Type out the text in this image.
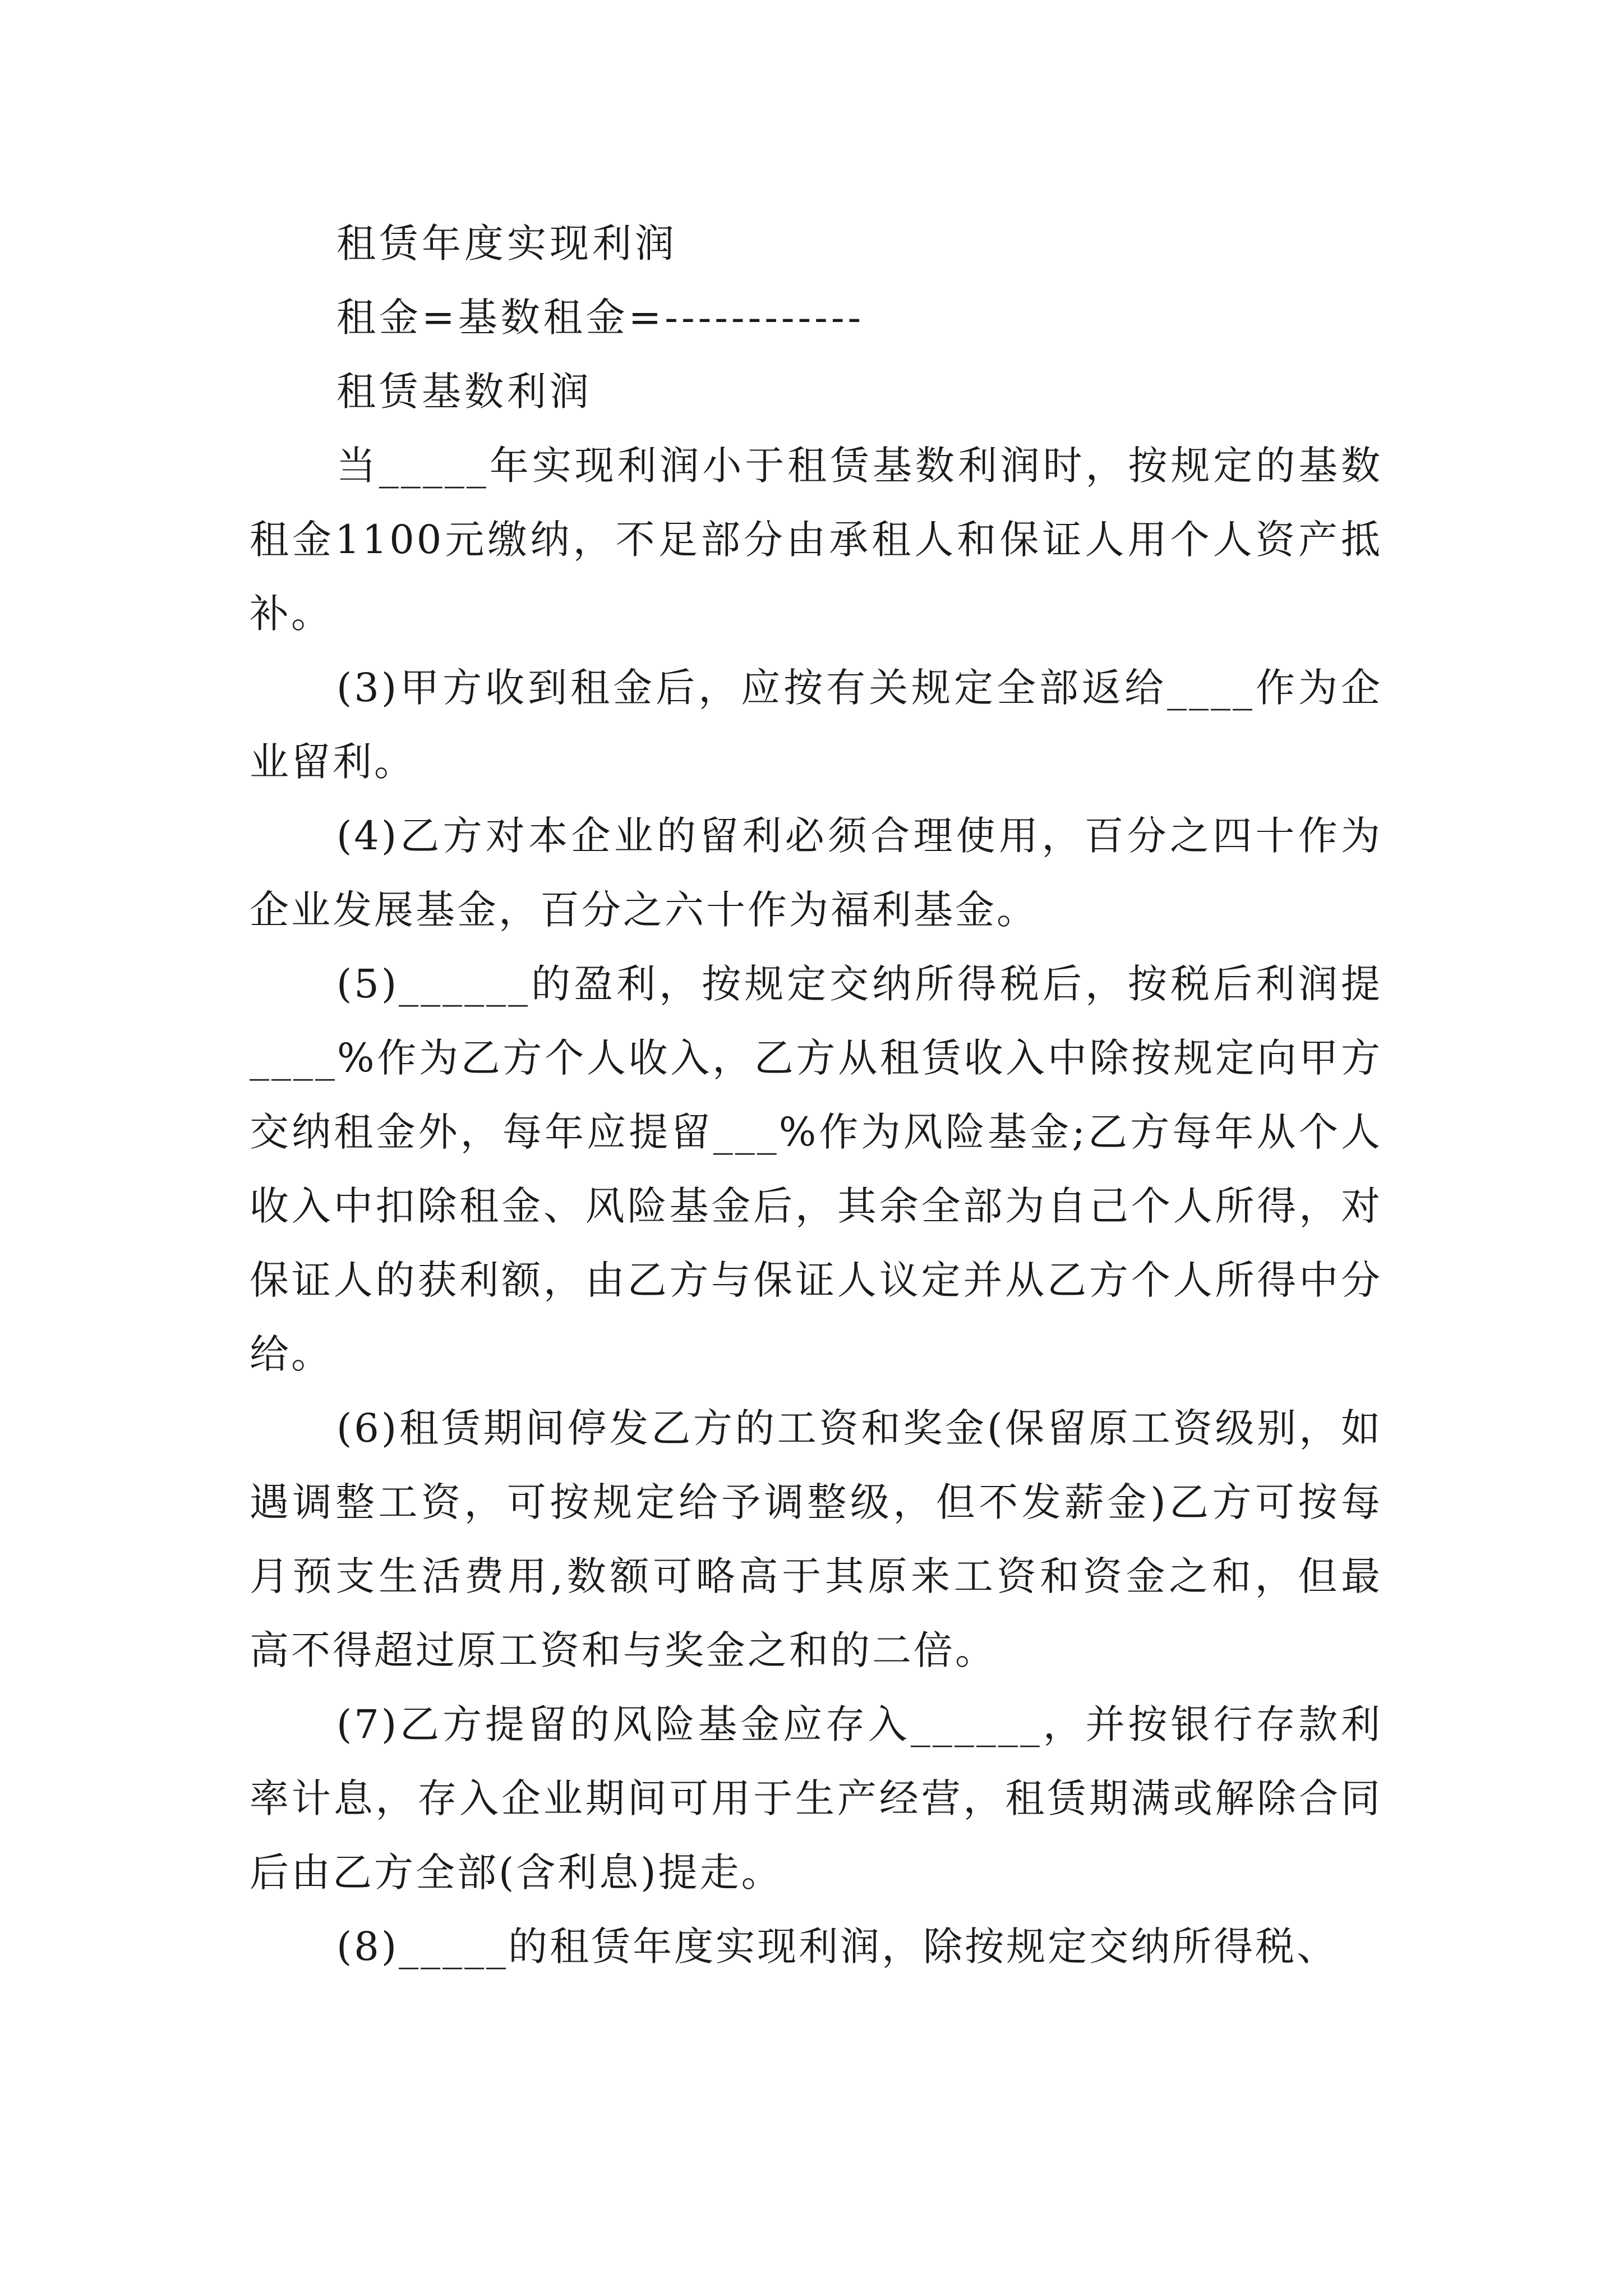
租赁年度实现利润
租金=基数租金=------------
租赁基数利润
当_____年实现利润小于租赁基数利润时，按规定的基数租金1100元缴纳，不足部分由承租人和保证人用个人资产抵补。
(3)甲方收到租金后，应按有关规定全部返给____作为企业留利。
(4)乙方对本企业的留利必须合理使用，百分之四十作为企业发展基金，百分之六十作为福利基金。
(5)______的盈利，按规定交纳所得税后，按税后利润提____%作为乙方个人收入，乙方从租赁收入中除按规定向甲方交纳租金外，每年应提留___%作为风险基金;乙方每年从个人收入中扣除租金、风险基金后，其余全部为自己个人所得，对保证人的获利额，由乙方与保证人议定并从乙方个人所得中分给。
(6)租赁期间停发乙方的工资和奖金(保留原工资级别，如遇调整工资，可按规定给予调整级，但不发薪金)乙方可按每月预支生活费用,数额可略高于其原来工资和资金之和，但最高不得超过原工资和与奖金之和的二倍。
(7)乙方提留的风险基金应存入______，并按银行存款利率计息，存入企业期间可用于生产经营，租赁期满或解除合同后由乙方全部(含利息)提走。
(8)_____的租赁年度实现利润，除按规定交纳所得税、
